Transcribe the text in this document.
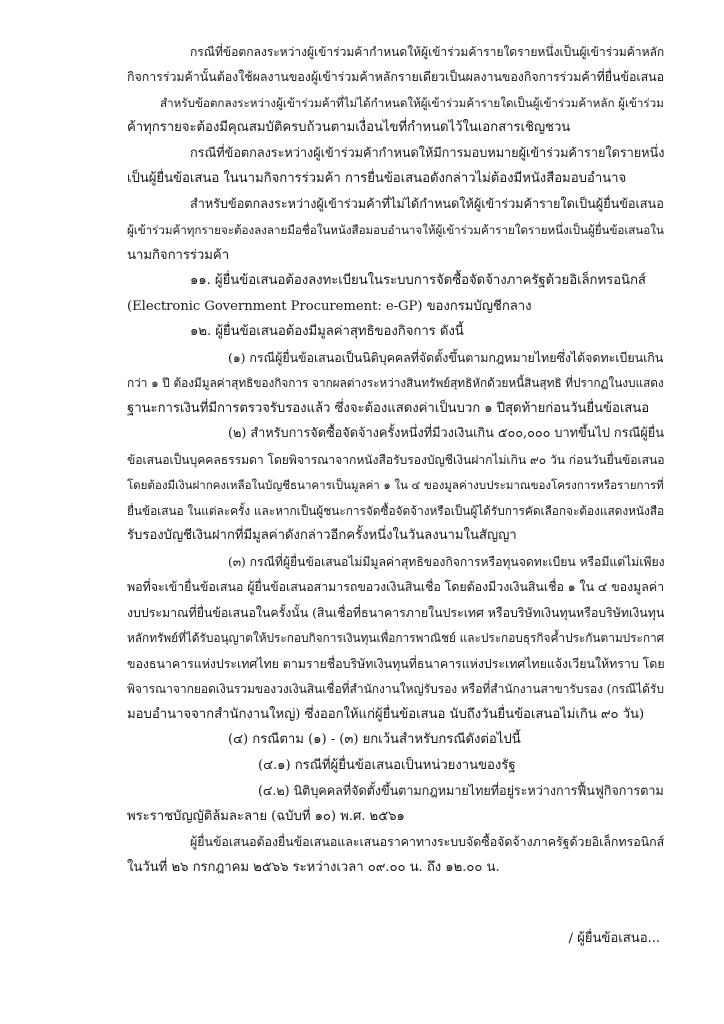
กรณีที่ข้อตกลงระหว่างผู้เข้าร่วมค้ากำหนดให้ผู้เข้าร่วมค้ารายใดรายหนึ่งเป็นผู้เข้าร่วมค้าหลัก
กิจการร่วมค้านั้นต้องใช้ผลงานของผู้เข้าร่วมค้าหลักรายเดียวเป็นผลงานของกิจการร่วมค้าที่ยื่นข้อเสนอ
สำหรับข้อตกลงระหว่างผู้เข้าร่วมค้าที่ไม่ได้กำหนดให้ผู้เข้าร่วมค้ารายใดเป็นผู้เข้าร่วมค้าหลัก ผู้เข้าร่วม
ค้าทุกรายจะต้องมีคุณสมบัติครบถ้วนตามเงื่อนไขที่กำหนดไว้ในเอกสารเชิญชวน
กรณีที่ข้อตกลงระหว่างผู้เข้าร่วมค้ากำหนดให้มีการมอบหมายผู้เข้าร่วมค้ารายใดรายหนึ่ง
เป็นผู้ยื่นข้อเสนอ ในนามกิจการร่วมค้า การยื่นข้อเสนอดังกล่าวไม่ต้องมีหนังสือมอบอำนาจ
สำหรับข้อตกลงระหว่างผู้เข้าร่วมค้าที่ไม่ได้กำหนดให้ผู้เข้าร่วมค้ารายใดเป็นผู้ยื่นข้อเสนอ
ผู้เข้าร่วมค้าทุกรายจะต้องลงลายมือชื่อในหนังสือมอบอำนาจให้ผู้เข้าร่วมค้ารายใดรายหนึ่งเป็นผู้ยื่นข้อเสนอใน
นามกิจการร่วมค้า
๑๑. ผู้ยื่นข้อเสนอต้องลงทะเบียนในระบบการจัดซื้อจัดจ้างภาครัฐด้วยอิเล็กทรอนิกส์
(Electronic Government Procurement: e-GP) ของกรมบัญชีกลาง
๑๒. ผู้ยื่นข้อเสนอต้องมีมูลค่าสุทธิของกิจการ ดังนี้
(๑) กรณีผู้ยื่นข้อเสนอเป็นนิติบุคคลที่จัดตั้งขึ้นตามกฎหมายไทยซึ่งได้จดทะเบียนเกิน
กว่า ๑ ปี ต้องมีมูลค่าสุทธิของกิจการ จากผลต่างระหว่างสินทรัพย์สุทธิหักด้วยหนี้สินสุทธิ ที่ปรากฏในงบแสดง
ฐานะการเงินที่มีการตรวจรับรองแล้ว ซึ่งจะต้องแสดงค่าเป็นบวก ๑ ปีสุดท้ายก่อนวันยื่นข้อเสนอ
(๒) สำหรับการจัดซื้อจัดจ้างครั้งหนึ่งที่มีวงเงินเกิน ๕๐๐,๐๐๐ บาทขึ้นไป กรณีผู้ยื่น
ข้อเสนอเป็นบุคคลธรรมดา โดยพิจารณาจากหนังสือรับรองบัญชีเงินฝากไม่เกิน ๙๐ วัน ก่อนวันยื่นข้อเสนอ
โดยต้องมีเงินฝากคงเหลือในบัญชีธนาคารเป็นมูลค่า ๑ ใน ๔ ของมูลค่างบประมาณของโครงการหรือรายการที่
ยื่นข้อเสนอ ในแต่ละครั้ง และหากเป็นผู้ชนะการจัดซื้อจัดจ้างหรือเป็นผู้ได้รับการคัดเลือกจะต้องแสดงหนังสือ
รับรองบัญชีเงินฝากที่มีมูลค่าดังกล่าวอีกครั้งหนึ่งในวันลงนามในสัญญา
(๓) กรณีที่ผู้ยื่นข้อเสนอไม่มีมูลค่าสุทธิของกิจการหรือทุนจดทะเบียน หรือมีแต่ไม่เพียง
พอที่จะเข้ายื่นข้อเสนอ ผู้ยื่นข้อเสนอสามารถขอวงเงินสินเชื่อ โดยต้องมีวงเงินสินเชื่อ ๑ ใน ๔ ของมูลค่า
งบประมาณที่ยื่นข้อเสนอในครั้งนั้น (สินเชื่อที่ธนาคารภายในประเทศ หรือบริษัทเงินทุนหรือบริษัทเงินทุน
หลักทรัพย์ที่ได้รับอนุญาตให้ประกอบกิจการเงินทุนเพื่อการพาณิชย์ และประกอบธุรกิจค้ำประกันตามประกาศ
ของธนาคารแห่งประเทศไทย ตามรายชื่อบริษัทเงินทุนที่ธนาคารแห่งประเทศไทยแจ้งเวียนให้ทราบ โดย
พิจารณาจากยอดเงินรวมของวงเงินสินเชื่อที่สำนักงานใหญ่รับรอง หรือที่สำนักงานสาขารับรอง (กรณีได้รับ
มอบอำนาจจากสำนักงานใหญ่) ซึ่งออกให้แก่ผู้ยื่นข้อเสนอ นับถึงวันยื่นข้อเสนอไม่เกิน ๙๐ วัน)
(๔) กรณีตาม (๑) - (๓) ยกเว้นสำหรับกรณีดังต่อไปนี้
(๔.๑) กรณีที่ผู้ยื่นข้อเสนอเป็นหน่วยงานของรัฐ
(๔.๒) นิติบุคคลที่จัดตั้งขึ้นตามกฎหมายไทยที่อยู่ระหว่างการฟื้นฟูกิจการตาม
พระราชบัญญัติล้มละลาย (ฉบับที่ ๑๐) พ.ศ. ๒๕๖๑
ผู้ยื่นข้อเสนอต้องยื่นข้อเสนอและเสนอราคาทางระบบจัดซื้อจัดจ้างภาครัฐด้วยอิเล็กทรอนิกส์
ในวันที่ ๒๖ กรกฎาคม ๒๕๖๖ ระหว่างเวลา ๐๙.๐๐ น. ถึง ๑๒.๐๐ น.
/ ผู้ยื่นข้อเสนอ...
